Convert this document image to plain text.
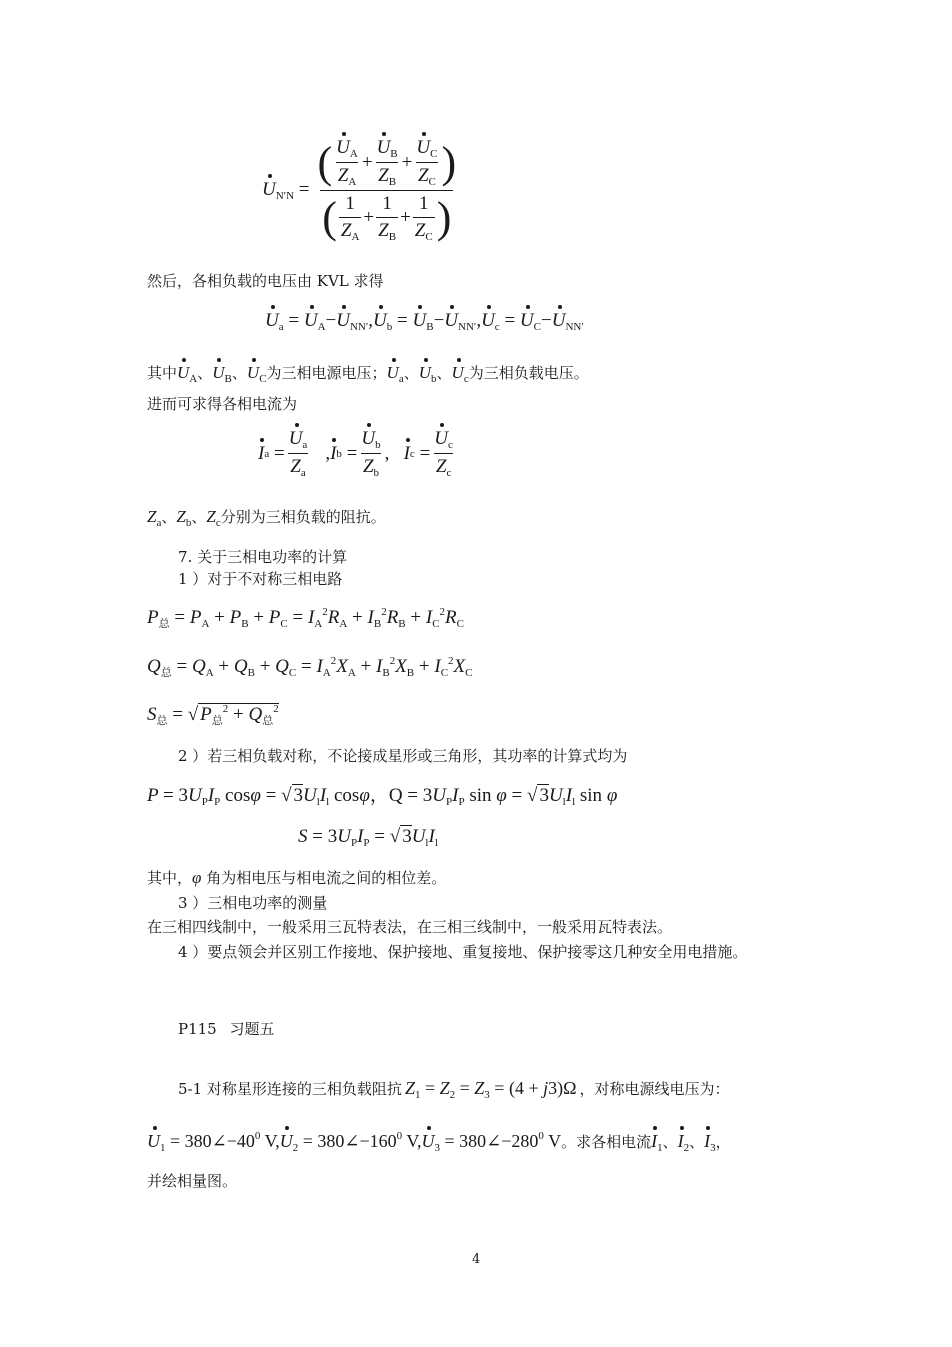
$U_{N'N} = \frac{( \frac{U_A}{Z_A} + \frac{U_B}{Z_B} + \frac{U_C}{Z_C} )}{( \frac{1}{Z_A} + \frac{1}{Z_B} + \frac{1}{Z_C} )}$
然后，各相负载的电压由 KVL 求得
$U_a = U_A-U_{NN'},U_b = U_B-U_{NN'},U_c = U_C-U_{NN'}$
其中 $U_A$、$U_B$、$U_C$ 为三相电源电压； $U_a$、$U_b$、$U_c$ 为三相负载电压。
进而可求得各相电流为
I a
= $\frac{U_a}{Z_a}$ , I b
= $\frac{U_b}{Z_b}$ ,
I c
= $\frac{U_c}{Z_c}$
$Z_a$、$Z_b$、$Z_c$ 分别为三相负载的阻抗。
7. 关于三相电功率的计算
1 ）对于不对称三相电路
$P_总 = P_A + P_B + P_C = I_A^2R_A + I_B^2R_B + I_C^2R_C$
$Q_总 = Q_A + Q_B + Q_C = I_A^2X_A + I_B^2X_B + I_C^2X_C$
$S_总$ = √ $P_总^2 + Q_总^2$
2 ）若三相负载对称，不论接成星形或三角形，其功率的计算式均为
$P = 3U_PI_P$ cosφ = √ $3U_lI_l$ cosφ，$Q = 3U_PI_P$ sin φ = √ $3U_lI_l$ sin φ
$S = 3U_PI_P$ = √ $3U_lI_l$
其中， φ
角为相电压与相电流之间的相位差。
3 ）三相电功率的测量
在三相四线制中，一般采用三瓦特表法，在三相三线制中，一般采用瓦特表法。
4 ）要点领会并区别工作接地、保护接地、重复接地、保护接零这几种安全用电措施。
P115 习题五
5-1 对称星形连接的三相负载阻抗 $Z_1 = Z_2 = Z_3 = (4 + j3)\Omega$ ，对称电源线电压为：
$U_1$ = $380\angle-40^0$ $V,U_2$ = $380\angle-160^0$ $V,U_3$ = $380\angle-280^0$ V 。求各相电流 $I_1$、$I_2$、$I_3$ ，
并绘相量图。
4
